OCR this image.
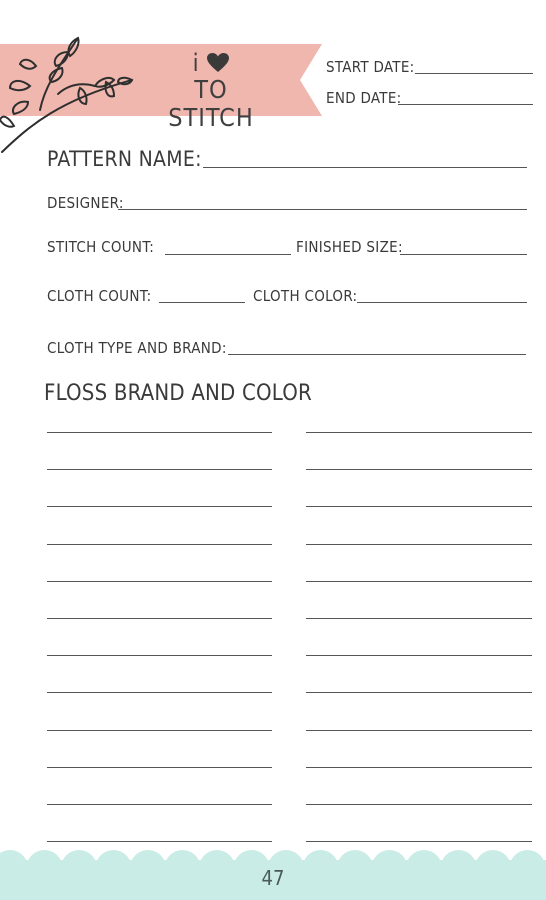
i
TO STITCH
START DATE:
END DATE:
PATTERN NAME:
DESIGNER:
STITCH COUNT:	FINISHED SIZE:
CLOTH COUNT:	CLOTH COLOR:
CLOTH TYPE AND BRAND:
FLOSS BRAND AND COLOR
47
